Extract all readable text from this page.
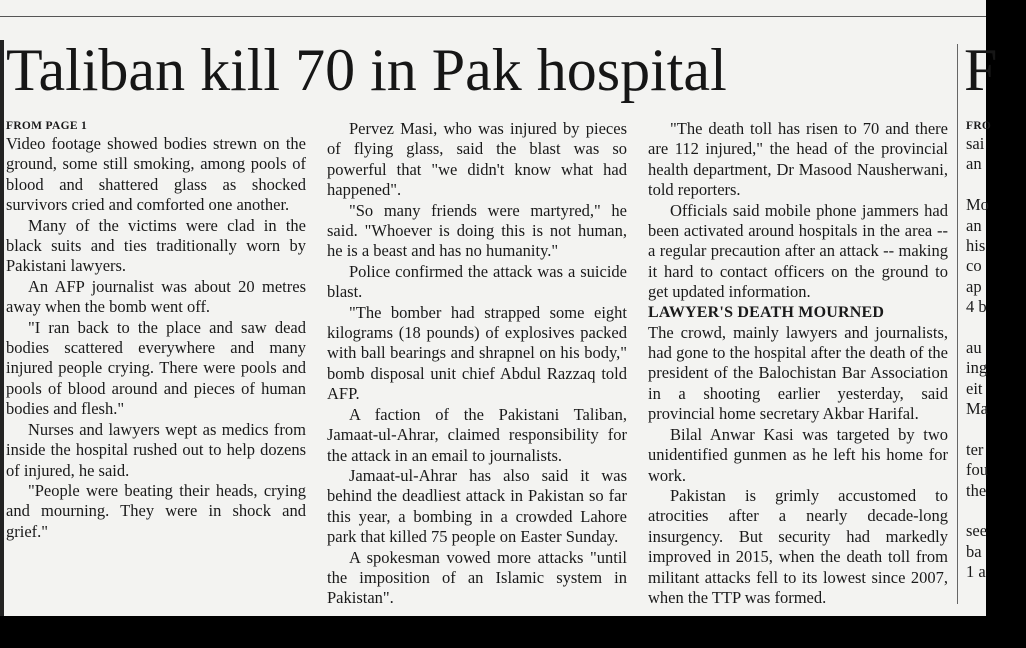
Taliban kill 70 in Pak hospital	F
FROM PAGE 1

Video footage showed bodies strewn on the ground, some still smoking, among pools of blood and shattered glass as shocked survivors cried and comforted one another.

Many of the victims were clad in the black suits and ties traditionally worn by Pakistani lawyers.

An AFP journalist was about 20 metres away when the bomb went off.

"I ran back to the place and saw dead bodies scattered everywhere and many injured people crying. There were pools and pools of blood around and pieces of human bodies and flesh."

Nurses and lawyers wept as medics from inside the hospital rushed out to help dozens of injured, he said.

"People were beating their heads, crying and mourning. They were in shock and grief."

Pervez Masi, who was injured by pieces of flying glass, said the blast was so powerful that "we didn't know what had happened".

"So many friends were martyred," he said. "Whoever is doing this is not human, he is a beast and has no humanity."

Police confirmed the attack was a suicide blast.

"The bomber had strapped some eight kilograms (18 pounds) of explosives packed with ball bearings and shrapnel on his body," bomb disposal unit chief Abdul Razzaq told AFP.

A faction of the Pakistani Taliban, Jamaat-ul-Ahrar, claimed responsibility for the attack in an email to journalists.

Jamaat-ul-Ahrar has also said it was behind the deadliest attack in Pakistan so far this year, a bombing in a crowded Lahore park that killed 75 people on Easter Sunday.

A spokesman vowed more attacks "until the imposition of an Islamic system in Pakistan".

"The death toll has risen to 70 and there are 112 injured," the head of the provincial health department, Dr Masood Nausherwani, told reporters.

Officials said mobile phone jammers had been activated around hospitals in the area -- a regular precaution after an attack -- making it hard to contact officers on the ground to get updated information.

LAWYER'S DEATH MOURNED

The crowd, mainly lawyers and journalists, had gone to the hospital after the death of the president of the Balochistan Bar Association in a shooting earlier yesterday, said provincial home secretary Akbar Harifal.

Bilal Anwar Kasi was targeted by two unidentified gunmen as he left his home for work.

Pakistan is grimly accustomed to atrocities after a nearly decade-long insurgency. But security had markedly improved in 2015, when the death toll from militant attacks fell to its lowest since 2007, when the TTP was formed.

FRO
sai
an
Mo
an
his
co
ap
4 b
au
ing
eit
Ma
ter
fou
the
see
ba
1 a
